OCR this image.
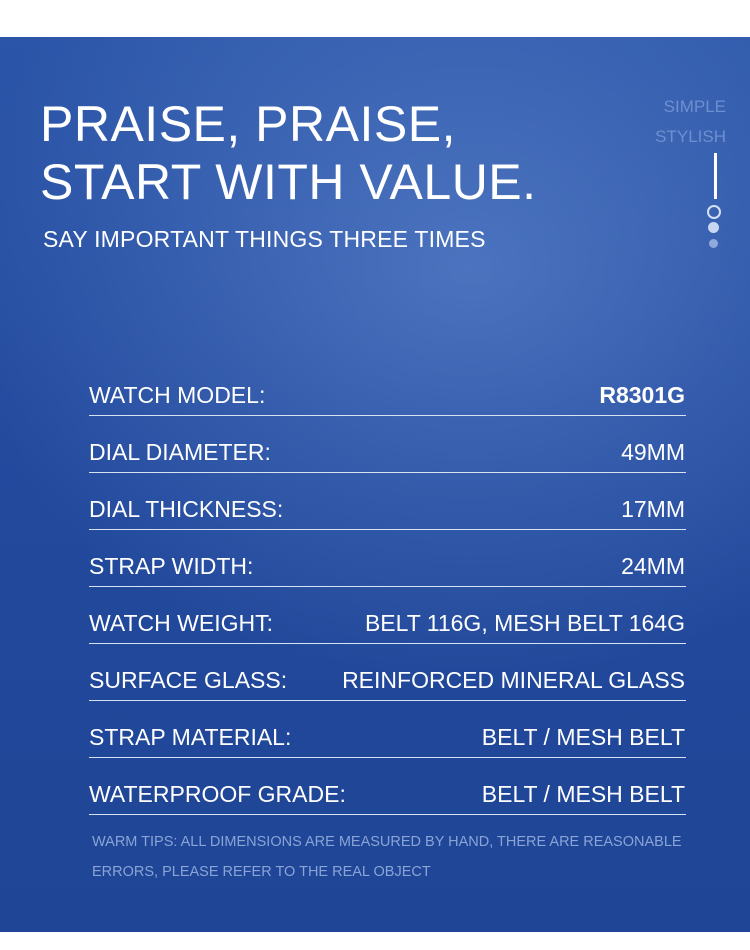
PRAISE, PRAISE,
START WITH VALUE.
SAY IMPORTANT THINGS THREE TIMES
SIMPLE
STYLISH
WATCH MODEL:	R8301G
DIAL DIAMETER:	49MM
DIAL THICKNESS:	17MM
STRAP WIDTH:	24MM
WATCH WEIGHT:	BELT 116G, MESH BELT 164G
SURFACE GLASS: REINFORCED MINERAL GLASS
STRAP MATERIAL:	BELT / MESH BELT
WATERPROOF GRADE:	BELT / MESH BELT
WARM TIPS: ALL DIMENSIONS ARE MEASURED BY HAND, THERE ARE REASONABLE
ERRORS, PLEASE REFER TO THE REAL OBJECT
